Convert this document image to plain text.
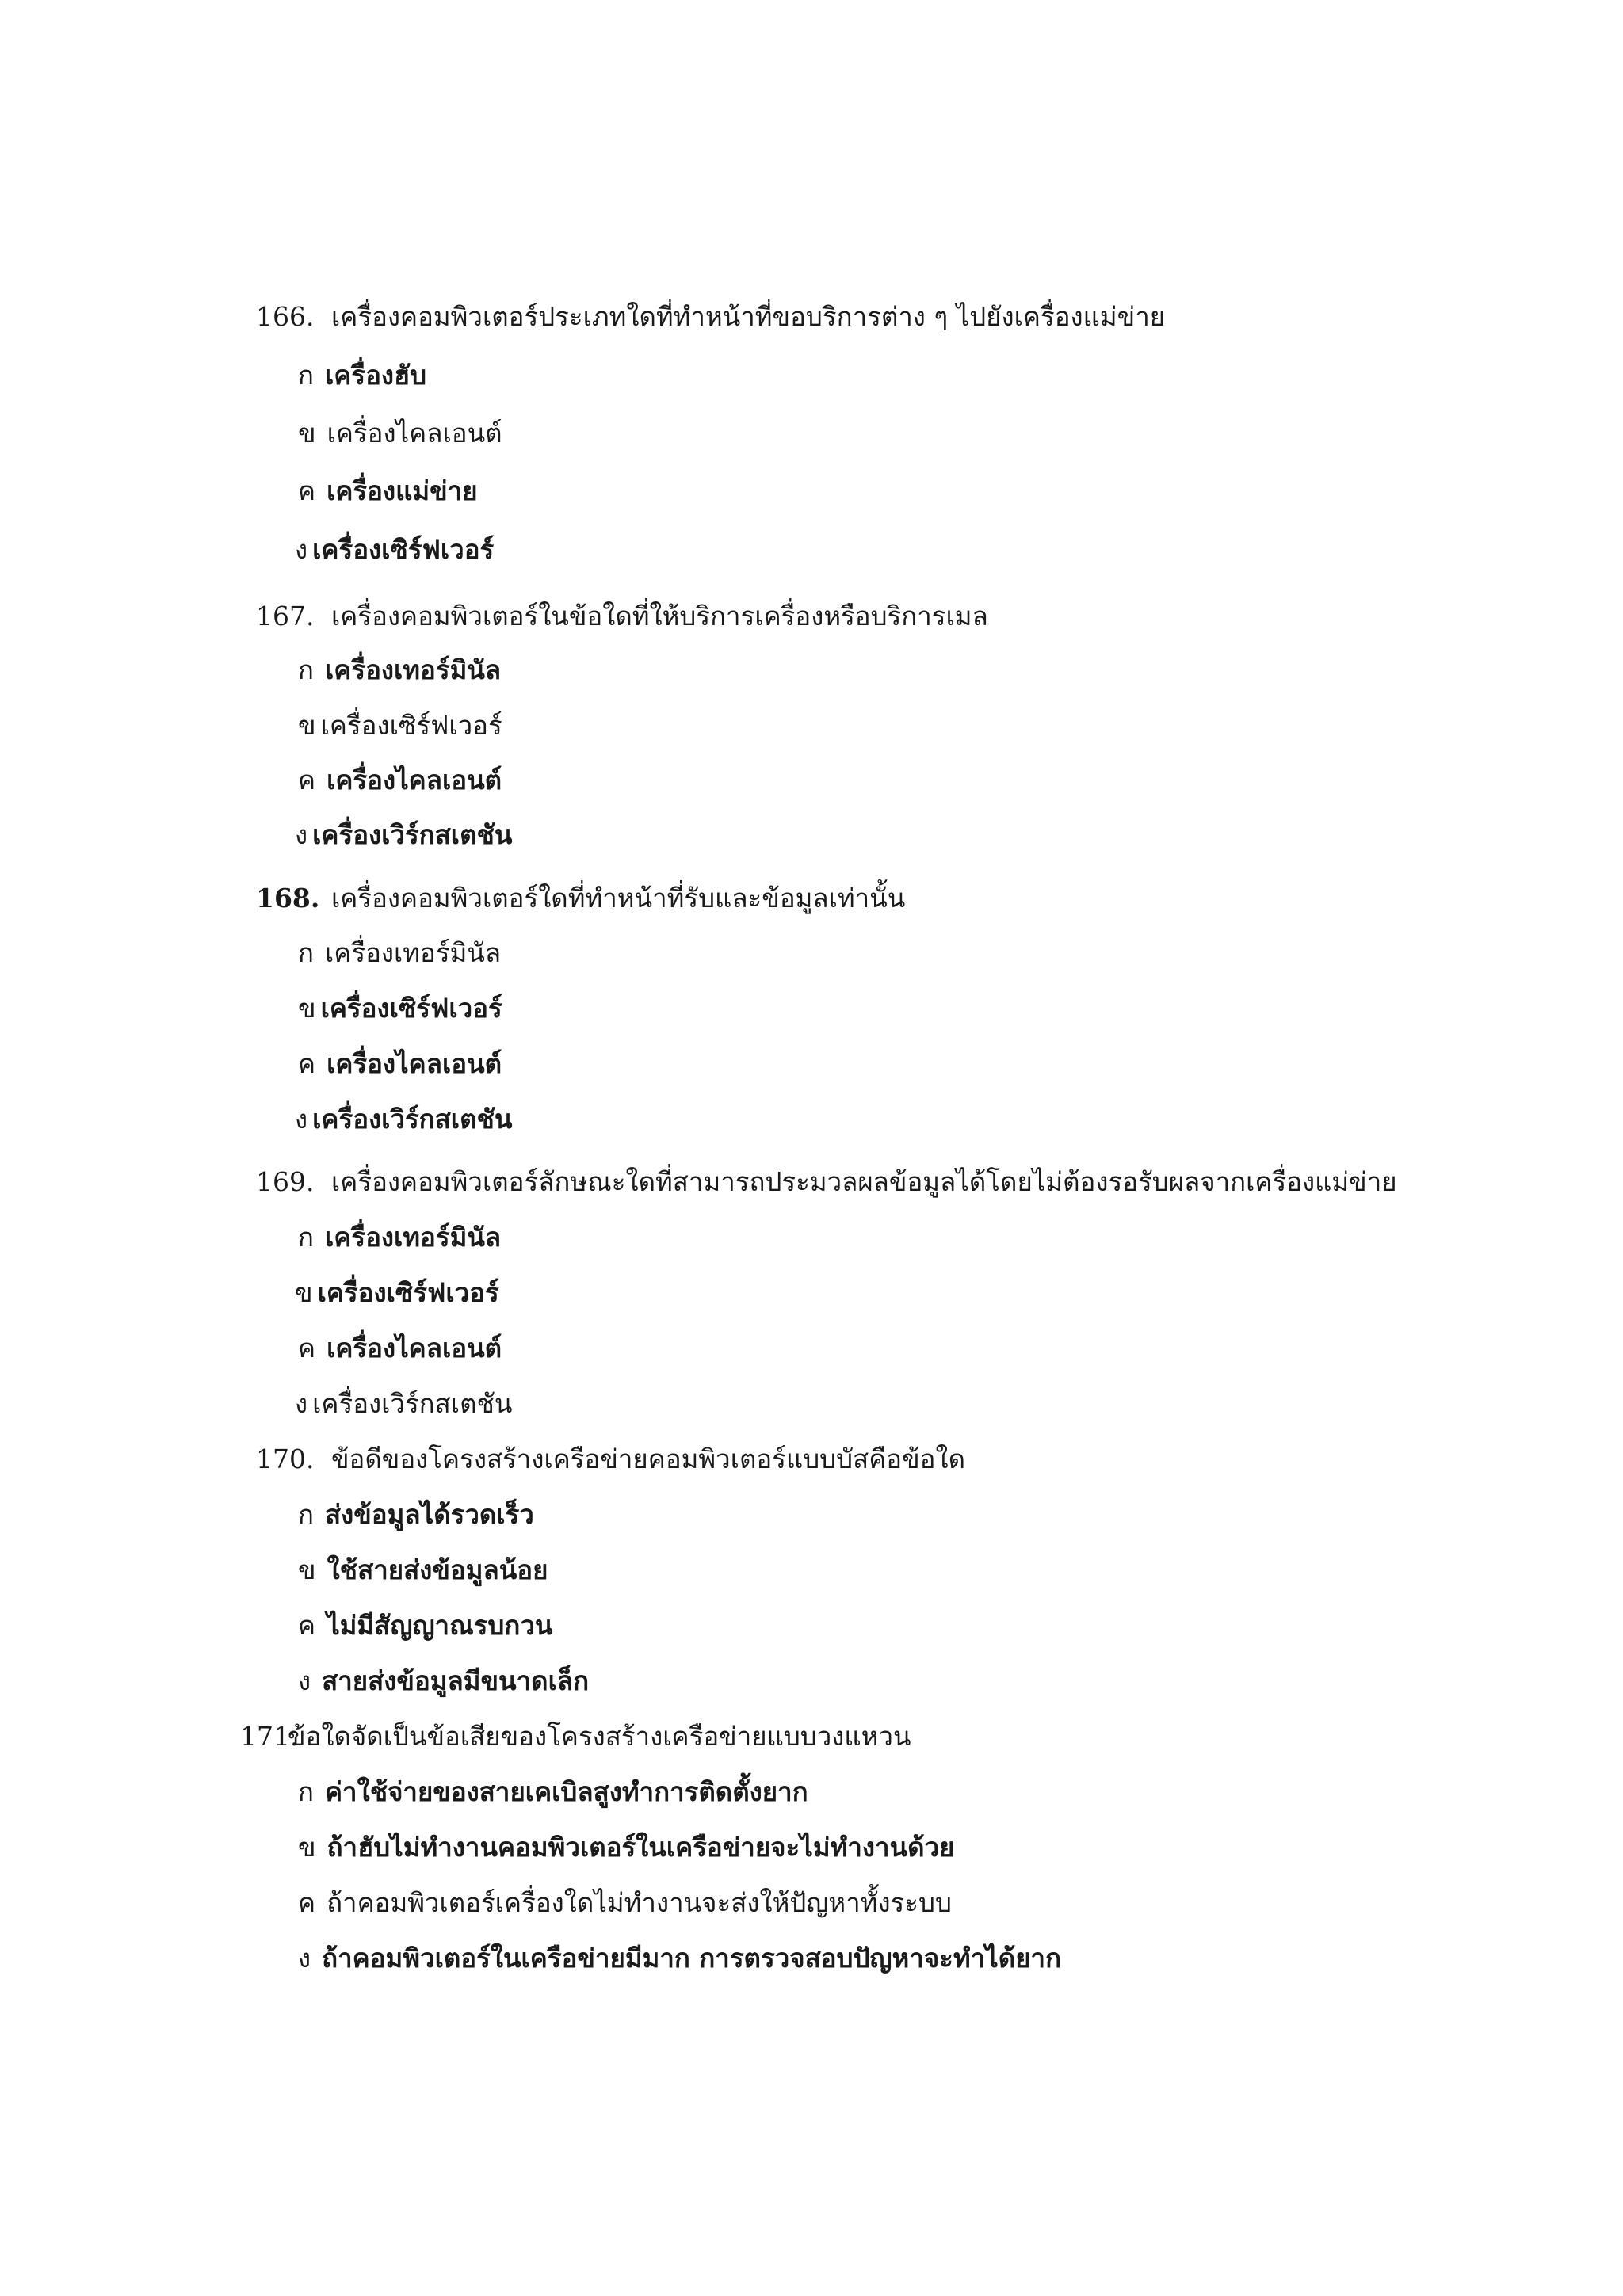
166. เครื่องคอมพิวเตอร์ประเภทใดที่ทำหน้าที่ขอบริการต่าง ๆ ไปยังเครื่องแม่ข่าย
ก เครื่องฮับ
ข เครื่องไคลเอนต์
ค เครื่องแม่ข่าย
ง เครื่องเซิร์ฟเวอร์
167. เครื่องคอมพิวเตอร์ในข้อใดที่ให้บริการเครื่องหรือบริการเมล
ก เครื่องเทอร์มินัล
ข เครื่องเซิร์ฟเวอร์
ค เครื่องไคลเอนต์
ง เครื่องเวิร์กสเตชัน
168. เครื่องคอมพิวเตอร์ใดที่ทำหน้าที่รับและข้อมูลเท่านั้น
ก เครื่องเทอร์มินัล
ข เครื่องเซิร์ฟเวอร์
ค เครื่องไคลเอนต์
ง เครื่องเวิร์กสเตชัน
169. เครื่องคอมพิวเตอร์ลักษณะใดที่สามารถประมวลผลข้อมูลได้โดยไม่ต้องรอรับผลจากเครื่องแม่ข่าย
ก เครื่องเทอร์มินัล
ข เครื่องเซิร์ฟเวอร์
ค เครื่องไคลเอนต์
ง เครื่องเวิร์กสเตชัน
170. ข้อดีของโครงสร้างเครือข่ายคอมพิวเตอร์แบบบัสคือข้อใด
ก ส่งข้อมูลได้รวดเร็ว
ข ใช้สายส่งข้อมูลน้อย
ค ไม่มีสัญญาณรบกวน
ง สายส่งข้อมูลมีขนาดเล็ก
171.ข้อใดจัดเป็นข้อเสียของโครงสร้างเครือข่ายแบบวงแหวน
ก ค่าใช้จ่ายของสายเคเบิลสูงทำการติดตั้งยาก
ข ถ้าฮับไม่ทำงานคอมพิวเตอร์ในเครือข่ายจะไม่ทำงานด้วย
ค ถ้าคอมพิวเตอร์เครื่องใดไม่ทำงานจะส่งให้ปัญหาทั้งระบบ
ง ถ้าคอมพิวเตอร์ในเครือข่ายมีมาก การตรวจสอบปัญหาจะทำได้ยาก
